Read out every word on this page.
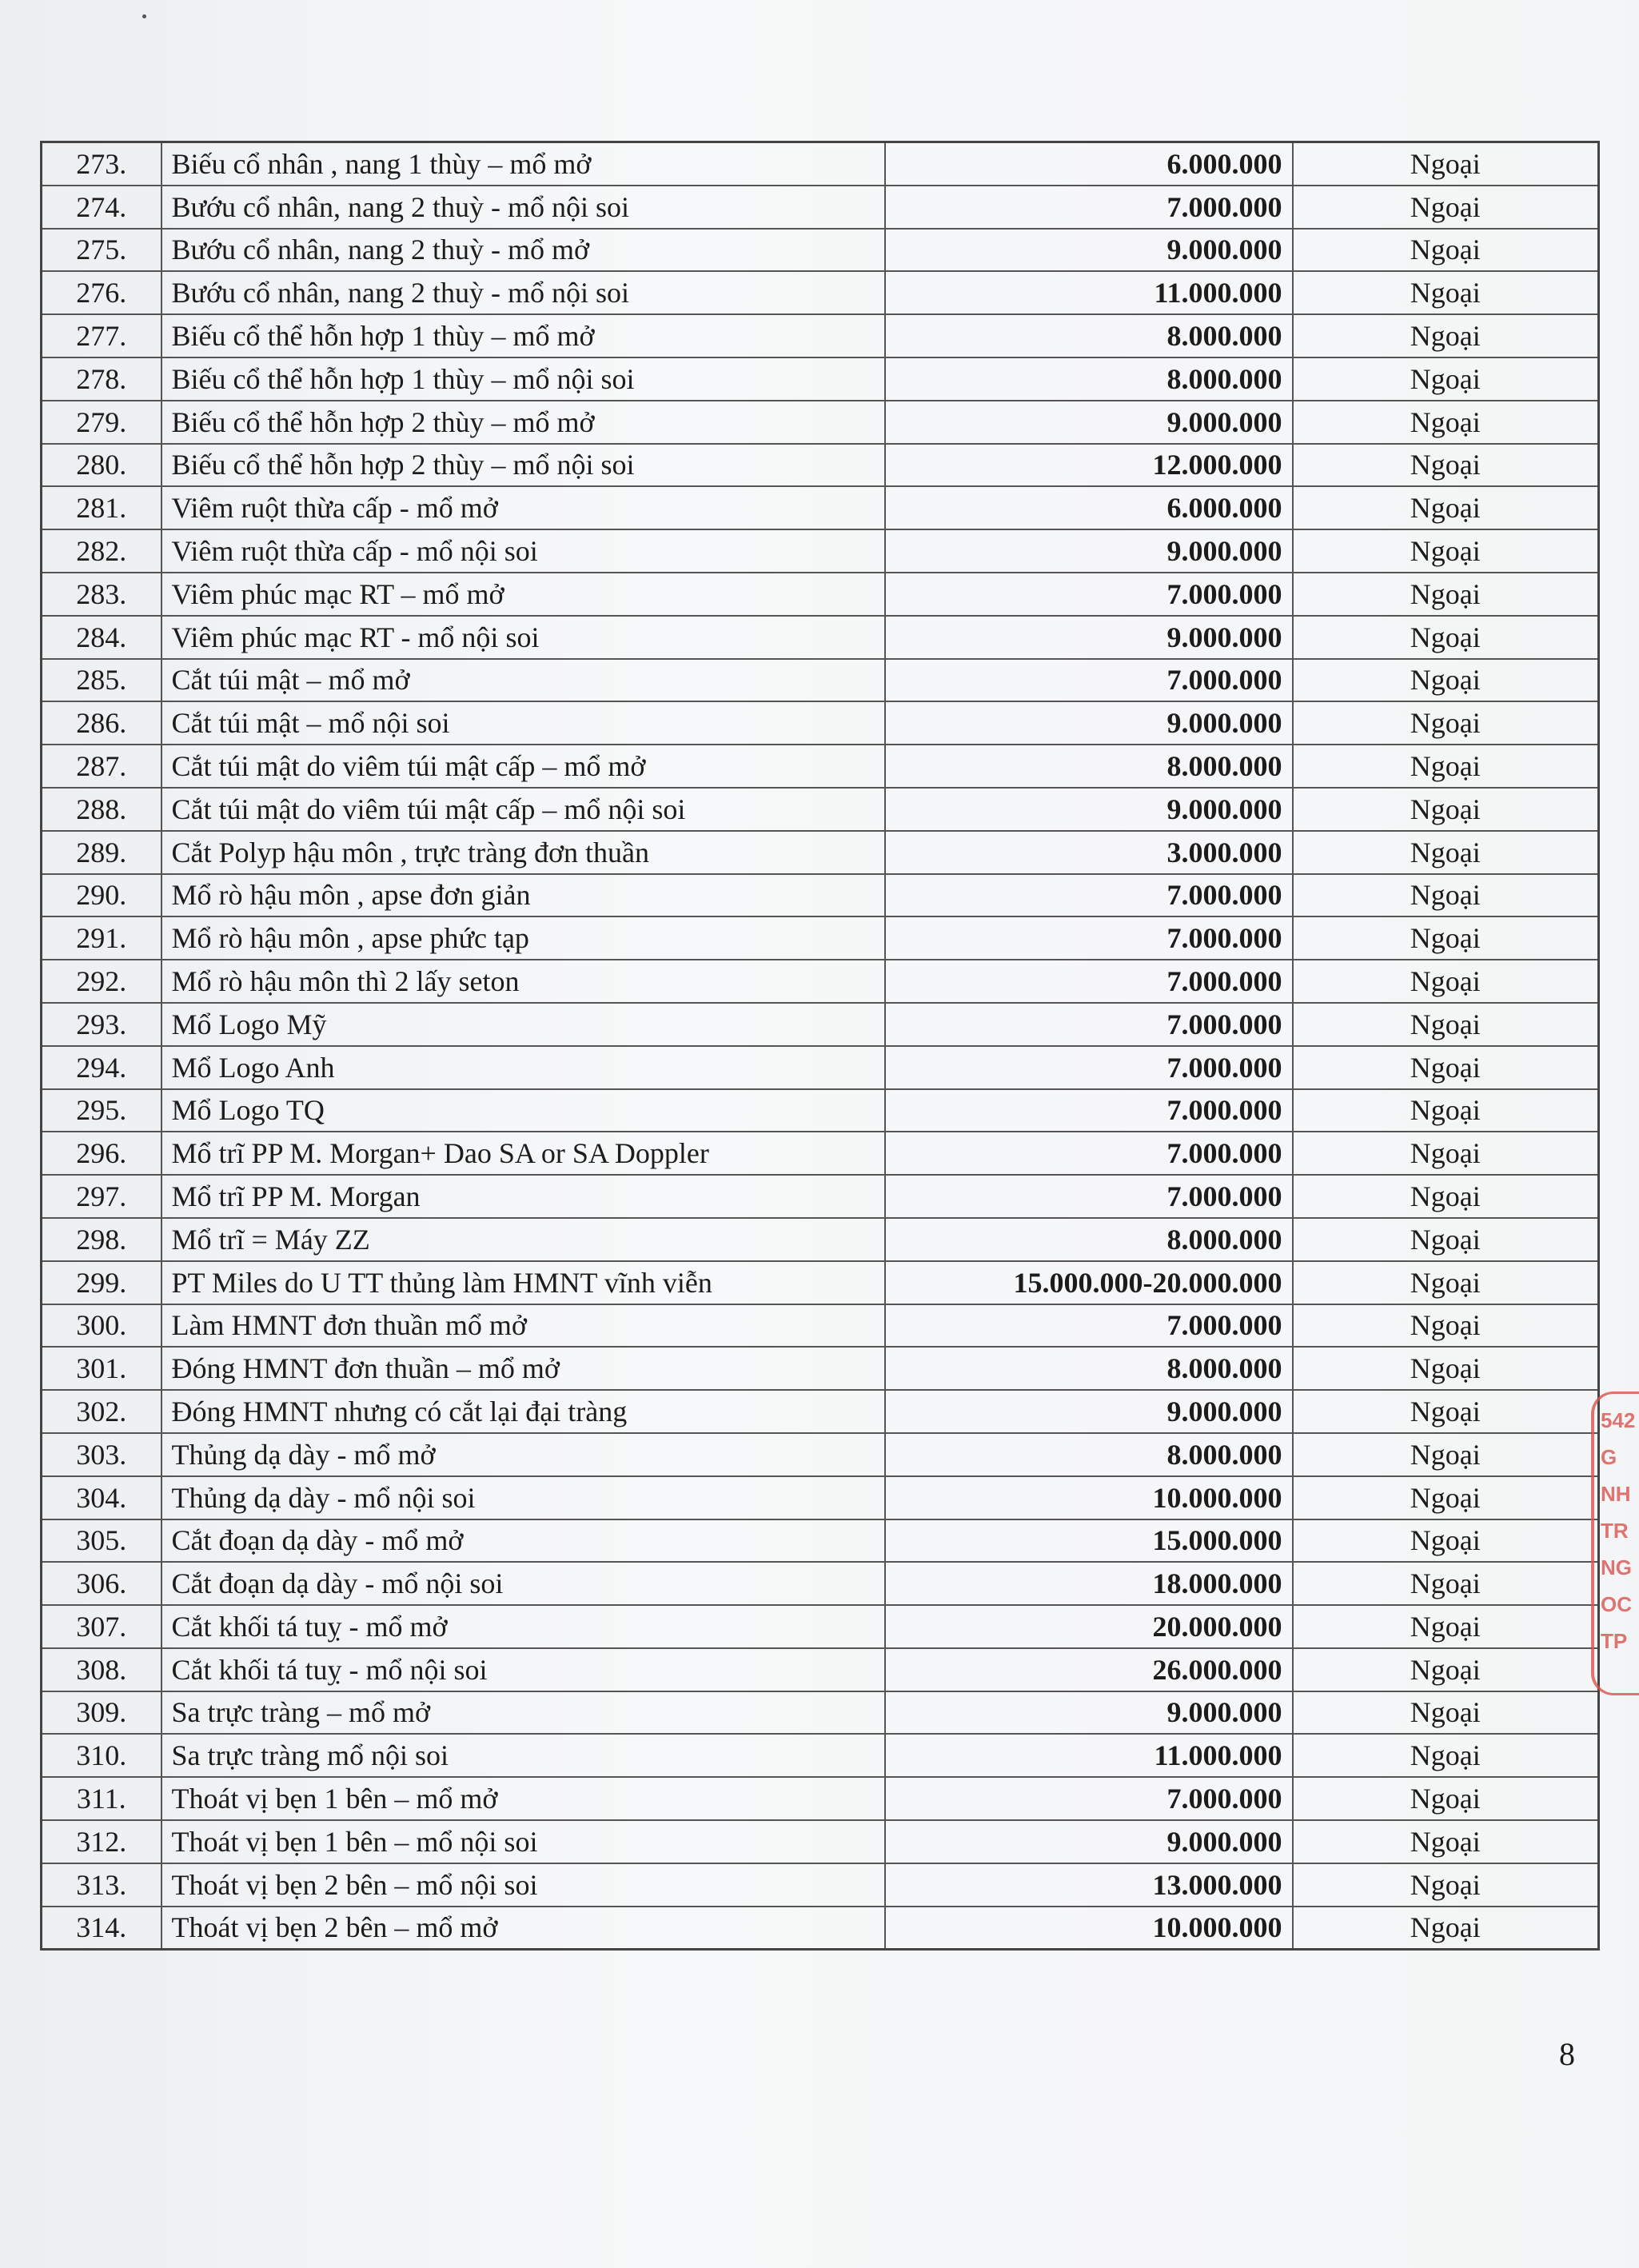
273.	Biếu cổ nhân , nang 1 thùy – mổ mở	6.000.000	Ngoại
274.	Bướu cổ nhân, nang 2 thuỳ - mổ nội soi	7.000.000	Ngoại
275.	Bướu cổ nhân, nang 2 thuỳ - mổ mở	9.000.000	Ngoại
276.	Bướu cổ nhân, nang 2 thuỳ - mổ nội soi	11.000.000	Ngoại
277.	Biếu cổ thể hỗn hợp 1 thùy – mổ mở	8.000.000	Ngoại
278.	Biếu cổ thể hỗn hợp 1 thùy – mổ nội soi	8.000.000	Ngoại
279.	Biếu cổ thể hỗn hợp 2 thùy – mổ mở	9.000.000	Ngoại
280.	Biếu cổ thể hỗn hợp 2 thùy – mổ nội soi	12.000.000	Ngoại
281.	Viêm ruột thừa cấp - mổ mở	6.000.000	Ngoại
282.	Viêm ruột thừa cấp - mổ nội soi	9.000.000	Ngoại
283.	Viêm phúc mạc RT – mổ mở	7.000.000	Ngoại
284.	Viêm phúc mạc RT - mổ nội soi	9.000.000	Ngoại
285.	Cắt túi mật – mổ mở	7.000.000	Ngoại
286.	Cắt túi mật – mổ nội soi	9.000.000	Ngoại
287.	Cắt túi mật do viêm túi mật cấp – mổ mở	8.000.000	Ngoại
288.	Cắt túi mật do viêm túi mật cấp – mổ nội soi	9.000.000	Ngoại
289.	Cắt Polyp hậu môn , trực tràng đơn thuần	3.000.000	Ngoại
290.	Mổ rò hậu môn , apse đơn giản	7.000.000	Ngoại
291.	Mổ rò hậu môn , apse phức tạp	7.000.000	Ngoại
292.	Mổ rò hậu môn thì 2 lấy seton	7.000.000	Ngoại
293.	Mổ Logo Mỹ	7.000.000	Ngoại
294.	Mổ Logo Anh	7.000.000	Ngoại
295.	Mổ Logo TQ	7.000.000	Ngoại
296.	Mổ trĩ PP M. Morgan+ Dao SA or SA Doppler	7.000.000	Ngoại
297.	Mổ trĩ PP M. Morgan	7.000.000	Ngoại
298.	Mổ trĩ = Máy ZZ	8.000.000	Ngoại
299.	PT Miles do U TT thủng làm HMNT vĩnh viễn	15.000.000-20.000.000	Ngoại
300.	Làm HMNT đơn thuần mổ mở	7.000.000	Ngoại
301.	Đóng HMNT đơn thuần – mổ mở	8.000.000	Ngoại
302.	Đóng HMNT nhưng có cắt lại đại tràng	9.000.000	Ngoại
303.	Thủng dạ dày - mổ mở	8.000.000	Ngoại
304.	Thủng dạ dày - mổ nội soi	10.000.000	Ngoại
305.	Cắt đoạn dạ dày - mổ mở	15.000.000	Ngoại
306.	Cắt đoạn dạ dày - mổ nội soi	18.000.000	Ngoại
307.	Cắt khối tá tuỵ - mổ mở	20.000.000	Ngoại
308.	Cắt khối tá tuỵ - mổ nội soi	26.000.000	Ngoại
309.	Sa trực tràng – mổ mở	9.000.000	Ngoại
310.	Sa trực tràng mổ nội soi	11.000.000	Ngoại
311.	Thoát vị bẹn 1 bên – mổ mở	7.000.000	Ngoại
312.	Thoát vị bẹn 1 bên – mổ nội soi	9.000.000	Ngoại
313.	Thoát vị bẹn 2 bên – mổ nội soi	13.000.000	Ngoại
314.	Thoát vị bẹn 2 bên – mổ mở	10.000.000	Ngoại
542
G
NH
TR
NG
OC
TP
8
